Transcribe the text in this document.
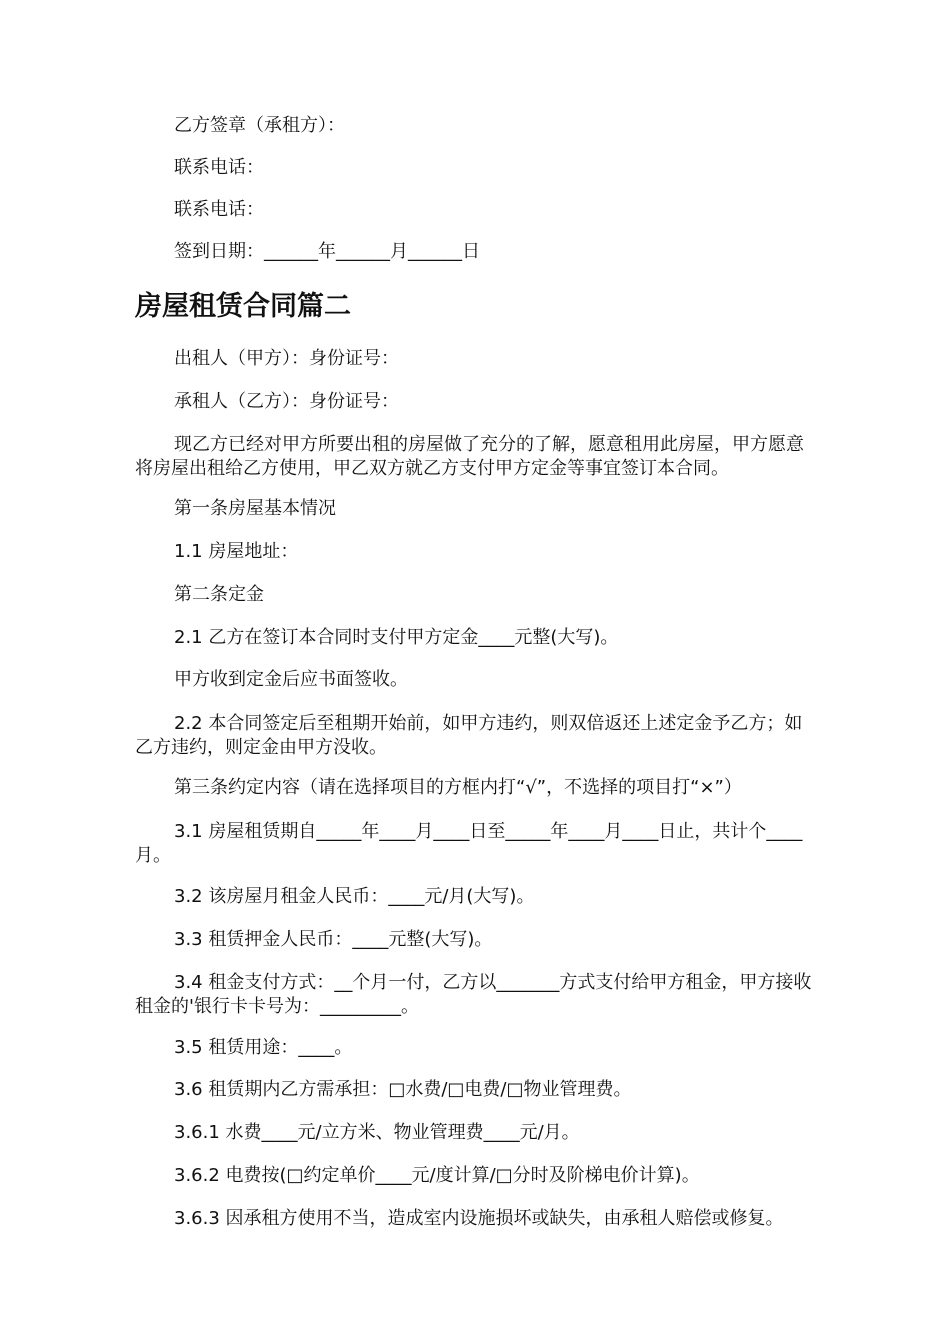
乙方签章（承租方）：
联系电话：
联系电话：
签到日期：______年______月______日
房屋租赁合同篇二
出租人（甲方）：身份证号：
承租人（乙方）：身份证号：
现乙方已经对甲方所要出租的房屋做了充分的了解，愿意租用此房屋，甲方愿意将房屋出租给乙方使用，甲乙双方就乙方支付甲方定金等事宜签订本合同。
第一条房屋基本情况
1.1 房屋地址：
第二条定金
2.1 乙方在签订本合同时支付甲方定金____元整(大写)。
甲方收到定金后应书面签收。
2.2 本合同签定后至租期开始前，如甲方违约，则双倍返还上述定金予乙方；如乙方违约，则定金由甲方没收。
第三条约定内容（请在选择项目的方框内打“√”，不选择的项目打“×”）
3.1 房屋租赁期自_____年____月____日至_____年____月____日止，共计个____月。
3.2 该房屋月租金人民币：____元/月(大写)。
3.3 租赁押金人民币：____元整(大写)。
3.4 租金支付方式：__个月一付，乙方以_______方式支付给甲方租金，甲方接收租金的'银行卡卡号为：_________。
3.5 租赁用途：____。
3.6 租赁期内乙方需承担：□水费/□电费/□物业管理费。
3.6.1 水费____元/立方米、物业管理费____元/月。
3.6.2 电费按(□约定单价____元/度计算/□分时及阶梯电价计算)。
3.6.3 因承租方使用不当，造成室内设施损坏或缺失，由承租人赔偿或修复。
